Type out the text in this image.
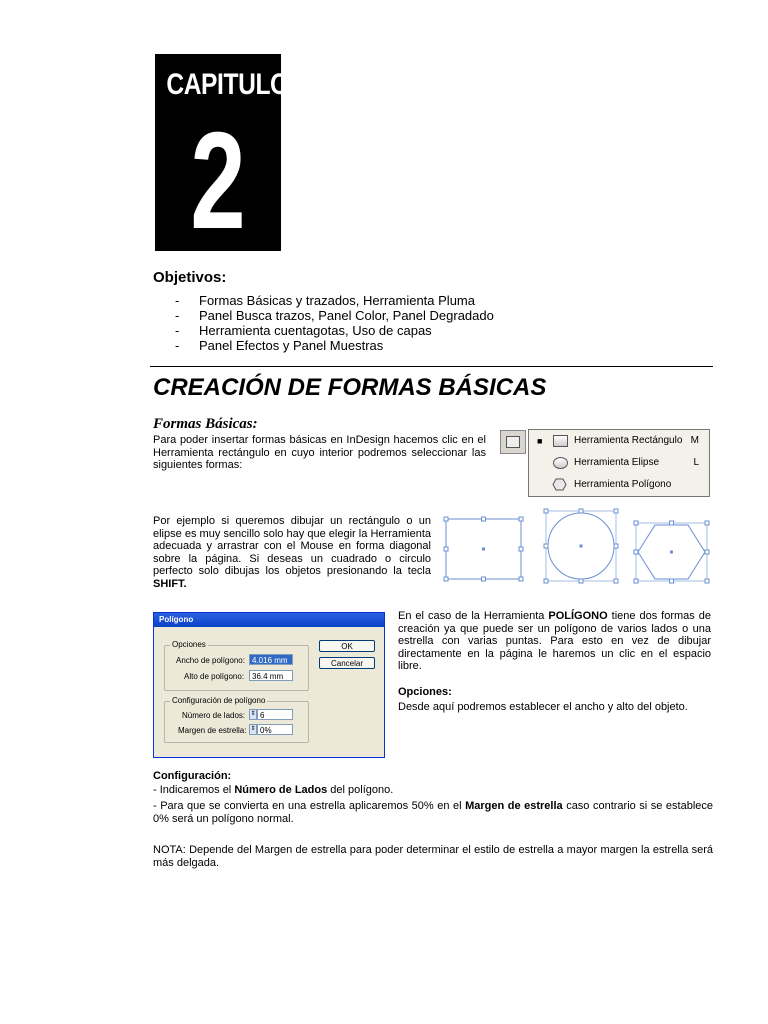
CAPITULO
2
Objetivos:
-	Formas Básicas y trazados, Herramienta Pluma
-	Panel Busca trazos, Panel Color, Panel Degradado
-	Herramienta cuentagotas, Uso de capas
-	Panel Efectos y Panel Muestras
CREACIÓN DE FORMAS BÁSICAS
Formas Básicas:
Para poder insertar formas básicas en InDesign hacemos clic en el Herramienta rectángulo en cuyo interior podremos seleccionar las siguientes formas:
■	Herramienta Rectángulo M
Herramienta Elipse	L
Herramienta Polígono
Por ejemplo si queremos dibujar un rectángulo o un elipse es muy sencillo solo hay que elegir la Herramienta adecuada y arrastrar con el Mouse en forma diagonal sobre la página. Si deseas un cuadrado o circulo perfecto solo dibujas los objetos presionando la tecla SHIFT.
Polígono
Opciones
Ancho de polígono: 4.016 mm
Alto de polígono: 36.4 mm
Configuración de polígono
Número de lados: ⇕ 6
Margen de estrella: ⇕ 0%
OK
Cancelar
En el caso de la Herramienta POLÍGONO tiene dos formas de creación ya que puede ser un polígono de varios lados o una estrella con varias puntas. Para esto en vez de dibujar directamente en la página le haremos un clic en el espacio libre.
Opciones:
Desde aquí podremos establecer el ancho y alto del objeto.
Configuración:
- Indicaremos el Número de Lados del polígono.
- Para que se convierta en una estrella aplicaremos 50% en el Margen de estrella caso contrario si se establece 0% será un polígono normal.
NOTA: Depende del Margen de estrella para poder determinar el estilo de estrella a mayor margen la estrella será más delgada.
